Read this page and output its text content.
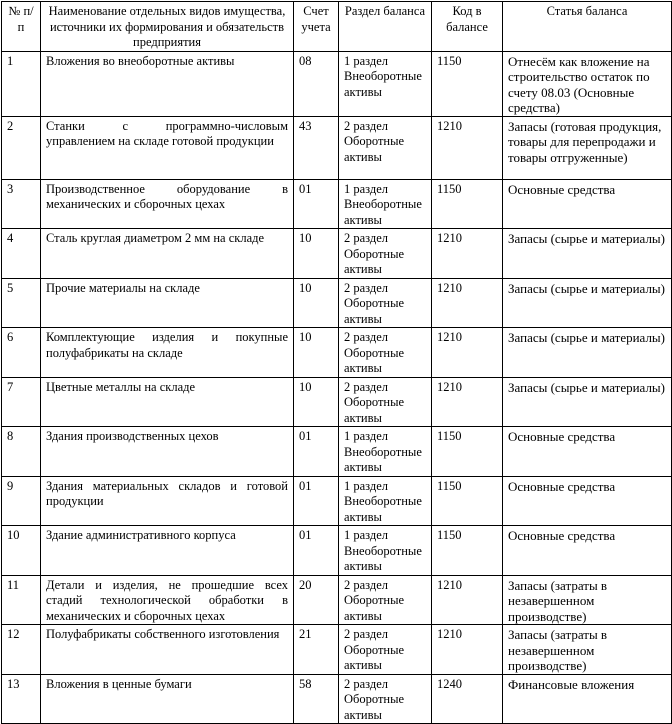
№ п/п	Наименование отдельных видов имущества, источники их формирования и обязательств предприятия	Счет учета	Раздел баланса	Код в балансе	Статья баланса
1	Вложения во внеоборотные активы	08	1 раздел Внеоборотные активы	1150	Отнесём как вложение на строительство остаток по счету 08.03 (Основные средства)
2	Станки с программно-числовым управлением на складе готовой продукции	43	2 раздел Оборотные активы	1210	Запасы (готовая продукция, товары для перепродажи и товары отгруженные)
3	Производственное оборудование в механических и сборочных цехах	01	1 раздел Внеоборотные активы	1150	Основные средства
4	Сталь круглая диаметром 2 мм на складе	10	2 раздел Оборотные активы	1210	Запасы (сырье и материалы)
5	Прочие материалы на складе	10	2 раздел Оборотные активы	1210	Запасы (сырье и материалы)
6	Комплектующие изделия и покупные полуфабрикаты на складе	10	2 раздел Оборотные активы	1210	Запасы (сырье и материалы)
7	Цветные металлы на складе	10	2 раздел Оборотные активы	1210	Запасы (сырье и материалы)
8	Здания производственных цехов	01	1 раздел Внеоборотные активы	1150	Основные средства
9	Здания материальных складов и готовой продукции	01	1 раздел Внеоборотные активы	1150	Основные средства
10	Здание административного корпуса	01	1 раздел Внеоборотные активы	1150	Основные средства
11	Детали и изделия, не прошедшие всех стадий технологической обработки в механических и сборочных цехах	20	2 раздел Оборотные активы	1210	Запасы (затраты в незавершенном производстве)
12	Полуфабрикаты собственного изготовления	21	2 раздел Оборотные активы	1210	Запасы (затраты в незавершенном производстве)
13	Вложения в ценные бумаги	58	2 раздел Оборотные активы	1240	Финансовые вложения
